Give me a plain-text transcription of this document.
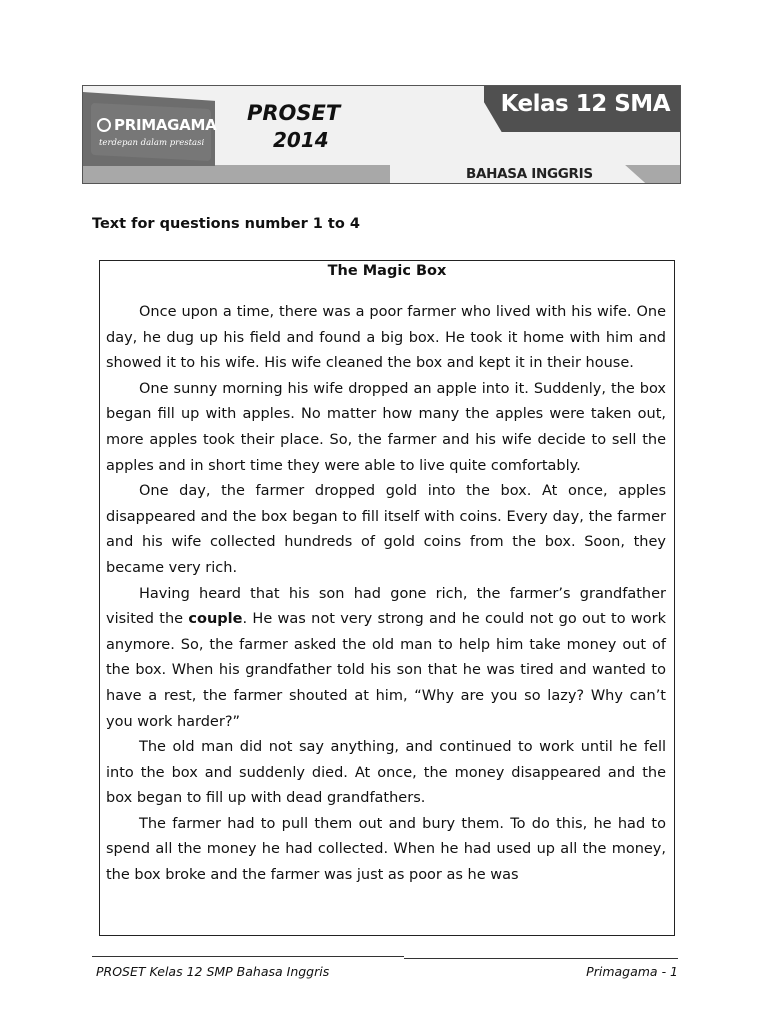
PRIMAGAMA
terdepan dalam prestasi
PROSET
2014
Kelas 12 SMA
BAHASA INGGRIS
Text for questions number 1 to 4
The Magic Box

Once upon a time, there was a poor farmer who lived with his wife. One day, he dug up his field and found a big box. He took it home with him and showed it to his wife. His wife cleaned the box and kept it in their house.

One sunny morning his wife dropped an apple into it. Suddenly, the box began fill up with apples. No matter how many the apples were taken out, more apples took their place. So, the farmer and his wife decide to sell the apples and in short time they were able to live quite comfortably.

One day, the farmer dropped gold into the box. At once, apples disappeared and the box began to fill itself with coins. Every day, the farmer and his wife collected hundreds of gold coins from the box. Soon, they became very rich.

Having heard that his son had gone rich, the farmer’s grandfather visited the couple. He was not very strong and he could not go out to work anymore. So, the farmer asked the old man to help him take money out of the box. When his grandfather told his son that he was tired and wanted to have a rest, the farmer shouted at him, “Why are you so lazy? Why can’t you work harder?”

The old man did not say anything, and continued to work until he fell into the box and suddenly died. At once, the money disappeared and the box began to fill up with dead grandfathers.

The farmer had to pull them out and bury them. To do this, he had to spend all the money he had collected. When he had used up all the money, the box broke and the farmer was just as poor as he was

PROSET Kelas 12 SMP Bahasa Inggris	Primagama - 1
